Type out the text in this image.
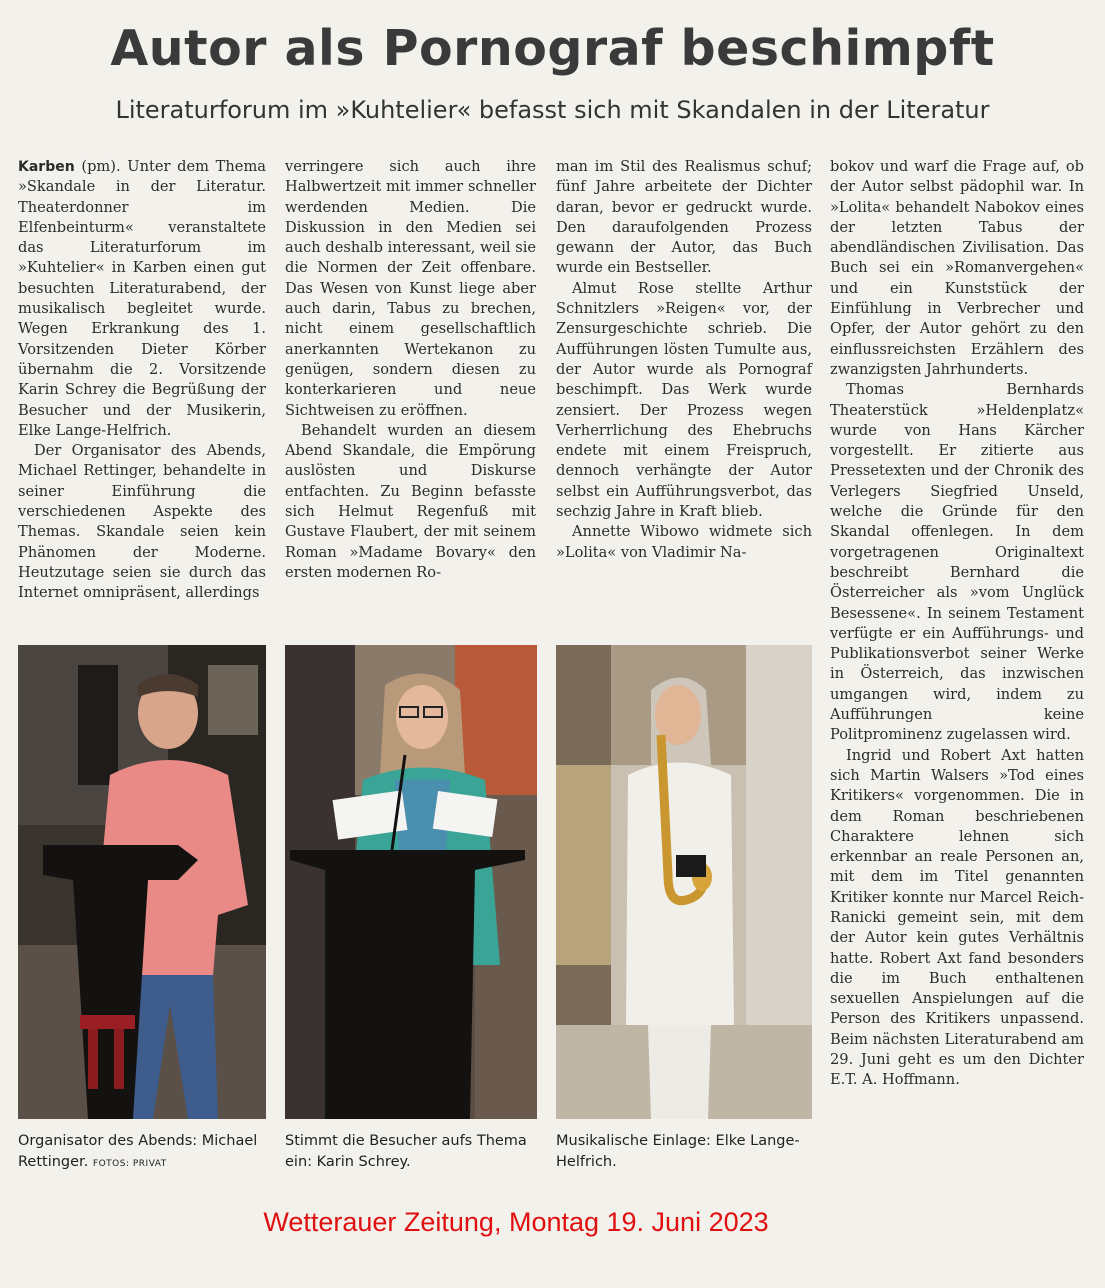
Autor als Pornograf beschimpft
Literaturforum im »Kuhtelier« befasst sich mit Skandalen in der Literatur

Karben (pm). Unter dem Thema »Skandale in der Literatur. Theaterdonner im Elfenbeinturm« veranstaltete das Literaturforum im »Kuhtelier« in Karben einen gut besuchten Literaturabend, der musikalisch begleitet wurde. Wegen Erkrankung des 1. Vorsitzenden Dieter Körber übernahm die 2. Vorsitzende Karin Schrey die Begrüßung der Besucher und der Musikerin, Elke Lange-Helfrich.

Der Organisator des Abends, Michael Rettinger, behandelte in seiner Einführung die verschiedenen Aspekte des Themas. Skandale seien kein Phänomen der Moderne. Heutzutage seien sie durch das Internet omnipräsent, allerdings

verringere sich auch ihre Halbwertzeit mit immer schneller werdenden Medien. Die Diskussion in den Medien sei auch deshalb interessant, weil sie die Normen der Zeit offenbare. Das Wesen von Kunst liege aber auch darin, Tabus zu brechen, nicht einem gesellschaftlich anerkannten Wertekanon zu genügen, sondern diesen zu konterkarieren und neue Sichtweisen zu eröffnen.

Behandelt wurden an diesem Abend Skandale, die Empörung auslösten und Diskurse entfachten. Zu Beginn befasste sich Helmut Regenfuß mit Gustave Flaubert, der mit seinem Roman »Madame Bovary« den ersten modernen Ro-

man im Stil des Realismus schuf; fünf Jahre arbeitete der Dichter daran, bevor er gedruckt wurde. Den daraufolgenden Prozess gewann der Autor, das Buch wurde ein Bestseller.

Almut Rose stellte Arthur Schnitzlers »Reigen« vor, der Zensurgeschichte schrieb. Die Aufführungen lösten Tumulte aus, der Autor wurde als Pornograf beschimpft. Das Werk wurde zensiert. Der Prozess wegen Verherrlichung des Ehebruchs endete mit einem Freispruch, dennoch verhängte der Autor selbst ein Aufführungsverbot, das sechzig Jahre in Kraft blieb.

Annette Wibowo widmete sich »Lolita« von Vladimir Na-

bokov und warf die Frage auf, ob der Autor selbst pädophil war. In »Lolita« behandelt Nabokov eines der letzten Tabus der abendländischen Zivilisation. Das Buch sei ein »Romanvergehen« und ein Kunststück der Einfühlung in Verbrecher und Opfer, der Autor gehört zu den einflussreichsten Erzählern des zwanzigsten Jahrhunderts.

Thomas Bernhards Theaterstück »Heldenplatz« wurde von Hans Kärcher vorgestellt. Er zitierte aus Pressetexten und der Chronik des Verlegers Siegfried Unseld, welche die Gründe für den Skandal offenlegen. In dem vorgetragenen Originaltext beschreibt Bernhard die Österreicher als »vom Unglück Besessene«. In seinem Testament verfügte er ein Aufführungs- und Publikationsverbot seiner Werke in Österreich, das inzwischen umgangen wird, indem zu Aufführungen keine Politprominenz zugelassen wird.

Ingrid und Robert Axt hatten sich Martin Walsers »Tod eines Kritikers« vorgenommen. Die in dem Roman beschriebenen Charaktere lehnen sich erkennbar an reale Personen an, mit dem im Titel genannten Kritiker konnte nur Marcel Reich-Ranicki gemeint sein, mit dem der Autor kein gutes Verhältnis hatte. Robert Axt fand besonders die im Buch enthaltenen sexuellen Anspielungen auf die Person des Kritikers unpassend. Beim nächsten Literaturabend am 29. Juni geht es um den Dichter E.T. A. Hoffmann.

Organisator des Abends: Michael Rettinger. FOTOS: PRIVAT
Stimmt die Besucher aufs Thema ein: Karin Schrey.
Musikalische Einlage: Elke Lange-Helfrich.
Wetterauer Zeitung, Montag 19. Juni 2023
